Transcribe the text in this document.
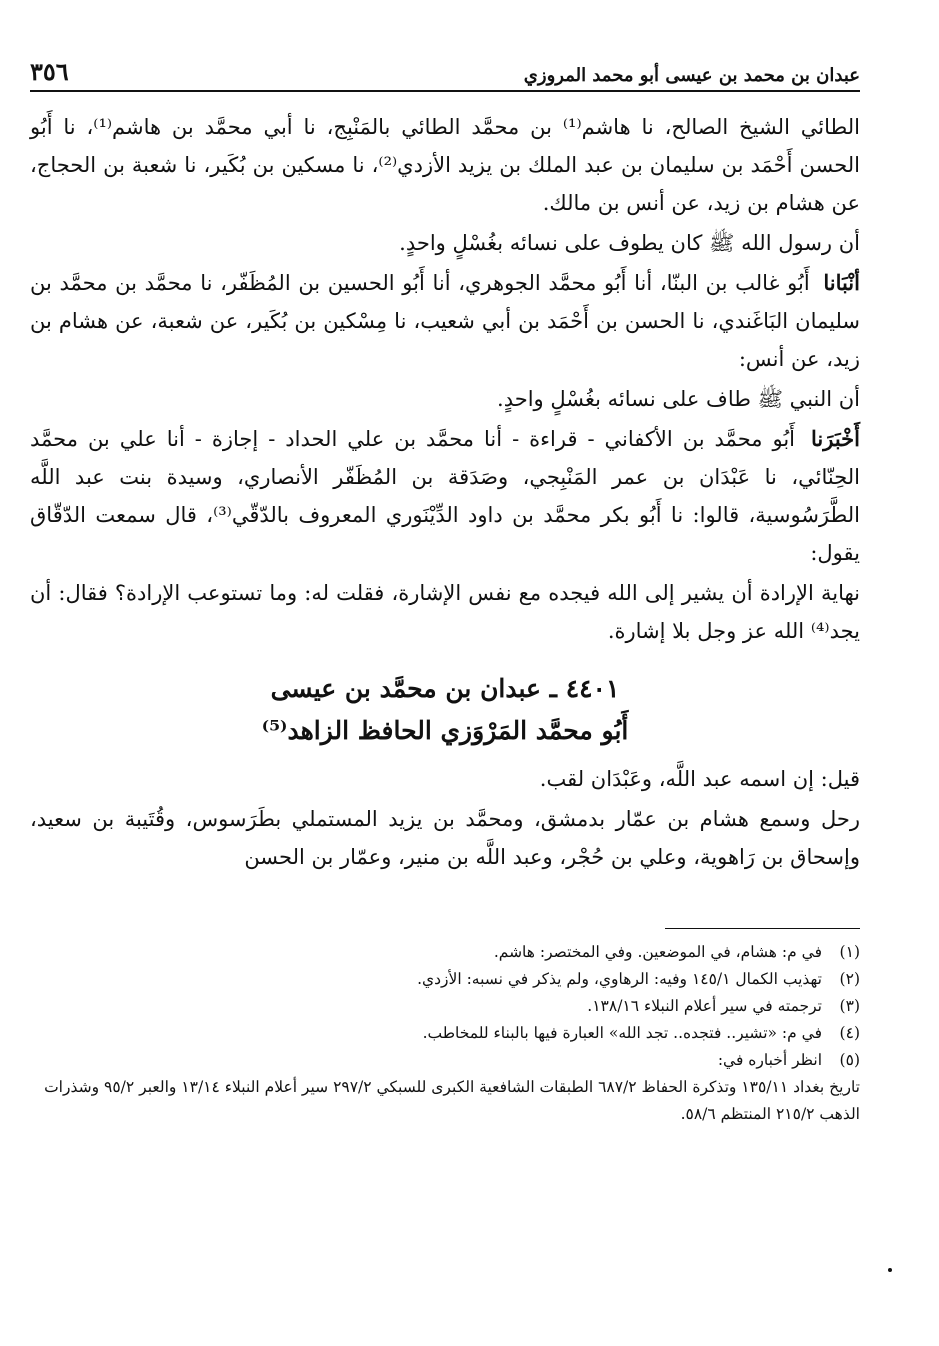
عبدان بن محمد بن عيسى أبو محمد المروزي
٣٥٦

الطائي الشيخ الصالح، نا هاشم⁽¹⁾ بن محمَّد الطائي بالمَنْبِج، نا أبي محمَّد بن هاشم⁽¹⁾، نا أَبُو الحسن أَحْمَد بن سليمان بن عبد الملك بن يزيد الأزدي⁽²⁾، نا مسكين بن بُكَير، نا شعبة بن الحجاج، عن هشام بن زيد، عن أنس بن مالك.

أن رسول الله ﷺ كان يطوف على نسائه بغُسْلٍ واحدٍ.

أنْبَانا أَبُو غالب بن البنّا، أنا أَبُو محمَّد الجوهري، أنا أَبُو الحسين بن المُظَفّر، نا محمَّد بن محمَّد بن سليمان البَاغَندي، نا الحسن بن أَحْمَد بن أبي شعيب، نا مِسْكين بن بُكَير، عن شعبة، عن هشام بن زيد، عن أنس:

أن النبي ﷺ طاف على نسائه بغُسْلٍ واحدٍ.

أَخْبَرَنا أَبُو محمَّد بن الأكفاني - قراءة - أنا محمَّد بن علي الحداد - إجازة - أنا علي بن محمَّد الحِنّائي، نا عَبْدَان بن عمر المَنْبِجي، وصَدَقة بن المُظَفّر الأنصاري، وسيدة بنت عبد اللَّه الطَّرَسُوسية، قالوا: نا أَبُو بكر محمَّد بن داود الدِّيْنَوري المعروف بالدّقّي⁽³⁾، قال سمعت الدّقّاق يقول:

نهاية الإرادة أن يشير إلى الله فيجده مع نفس الإشارة، فقلت له: وما تستوعب الإرادة؟ فقال: أن يجد⁽⁴⁾ الله عز وجل بلا إشارة.

٤٤٠١ ـ عبدان بن محمَّد بن عيسى
أَبُو محمَّد المَرْوَزي الحافظ الزاهد⁽⁵⁾

قيل: إن اسمه عبد اللَّه، وعَبْدَان لقب.

رحل وسمع هشام بن عمّار بدمشق، ومحمَّد بن يزيد المستملي بطَرَسوس، وقُتَيبة بن سعيد، وإسحاق بن رَاهوية، وعلي بن حُجْر، وعبد اللَّه بن منير، وعمّار بن الحسن

(١)
في م: هشام، في الموضعين. وفي المختصر: هاشم.
(٢)
تهذيب الكمال ١٤٥/١ وفيه: الرهاوي، ولم يذكر في نسبه: الأزدي.
(٣)
ترجمته في سير أعلام النبلاء ١٣٨/١٦.
(٤)
في م: «تشير.. فتجده.. تجد الله» العبارة فيها بالبناء للمخاطب.
(٥)
انظر أخباره في:
تاريخ بغداد ١٣٥/١١ وتذكرة الحفاظ ٦٨٧/٢ الطبقات الشافعية الكبرى للسبكي ٢٩٧/٢ سير أعلام النبلاء ١٣/١٤ والعبر ٩٥/٢ وشذرات الذهب ٢١٥/٢ المنتظم ٥٨/٦.
